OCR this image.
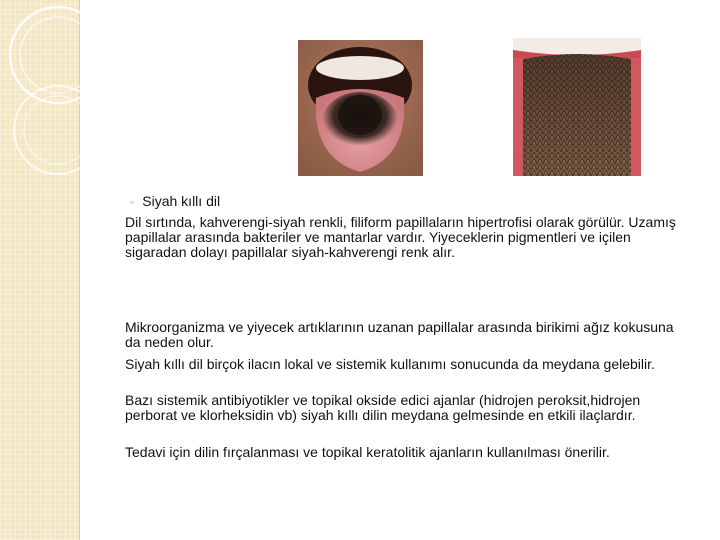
◦ Siyah kıllı dil
Dil sırtında, kahverengi-siyah renkli, filiform papillaların hipertrofisi olarak görülür. Uzamış papillalar arasında bakteriler ve mantarlar vardır. Yiyeceklerin pigmentleri ve içilen sigaradan dolayı papillalar siyah-kahverengi renk alır.
Mikroorganizma ve yiyecek artıklarının uzanan papillalar arasında birikimi ağız kokusuna da neden olur.
Siyah kıllı dil birçok ilacın lokal ve sistemik kullanımı sonucunda da meydana gelebilir.
Bazı sistemik antibiyotikler ve topikal okside edici ajanlar (hidrojen peroksit,hidrojen perborat ve klorheksidin vb) siyah kıllı dilin meydana gelmesinde en etkili ilaçlardır.
Tedavi için dilin fırçalanması ve topikal keratolitik ajanların kullanılması önerilir.
